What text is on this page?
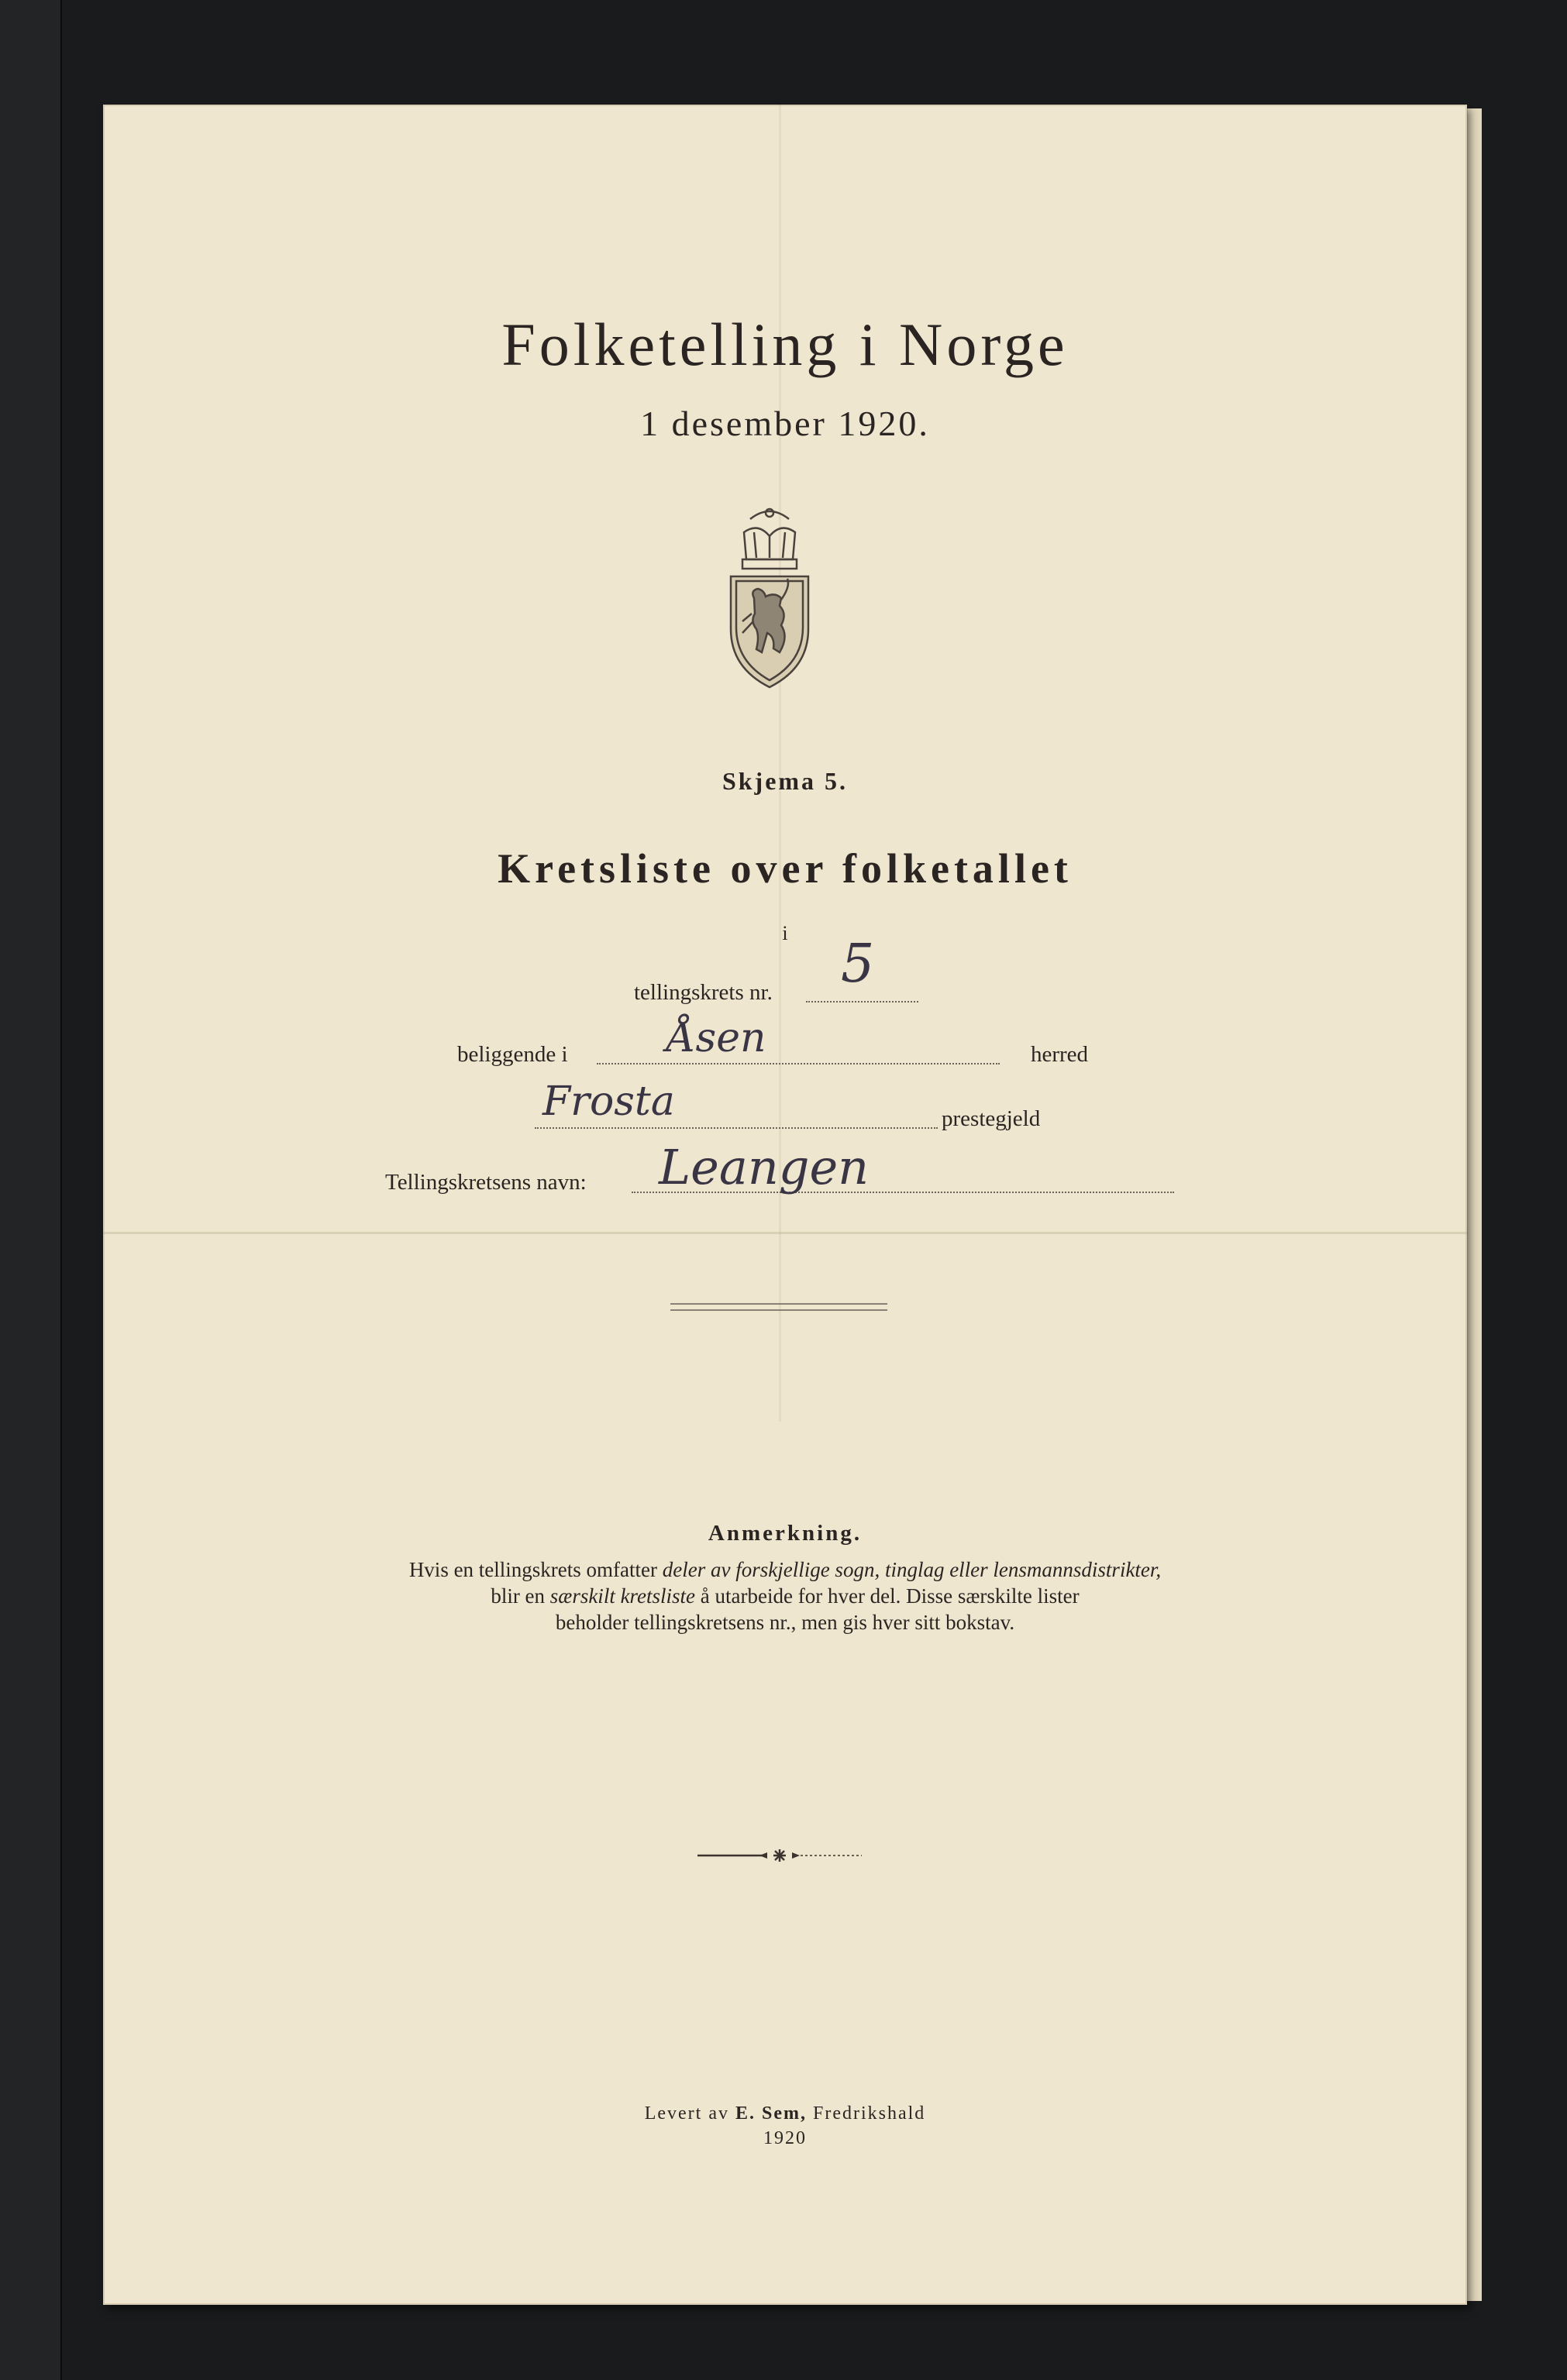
Folketelling i Norge
1 desember 1920.
Skjema 5.
Kretsliste over folketallet
i
tellingskrets nr. 5
beliggende i Åsen	herred
Frosta	prestegjeld
Tellingskretsens navn: Leangen
Anmerkning.
Hvis en tellingskrets omfatter deler av forskjellige sogn, tinglag eller lensmannsdistrikter,
blir en særskilt kretsliste å utarbeide for hver del. Disse særskilte lister
beholder tellingskretsens nr., men gis hver sitt bokstav.
Levert av E. Sem, Fredrikshald
1920
